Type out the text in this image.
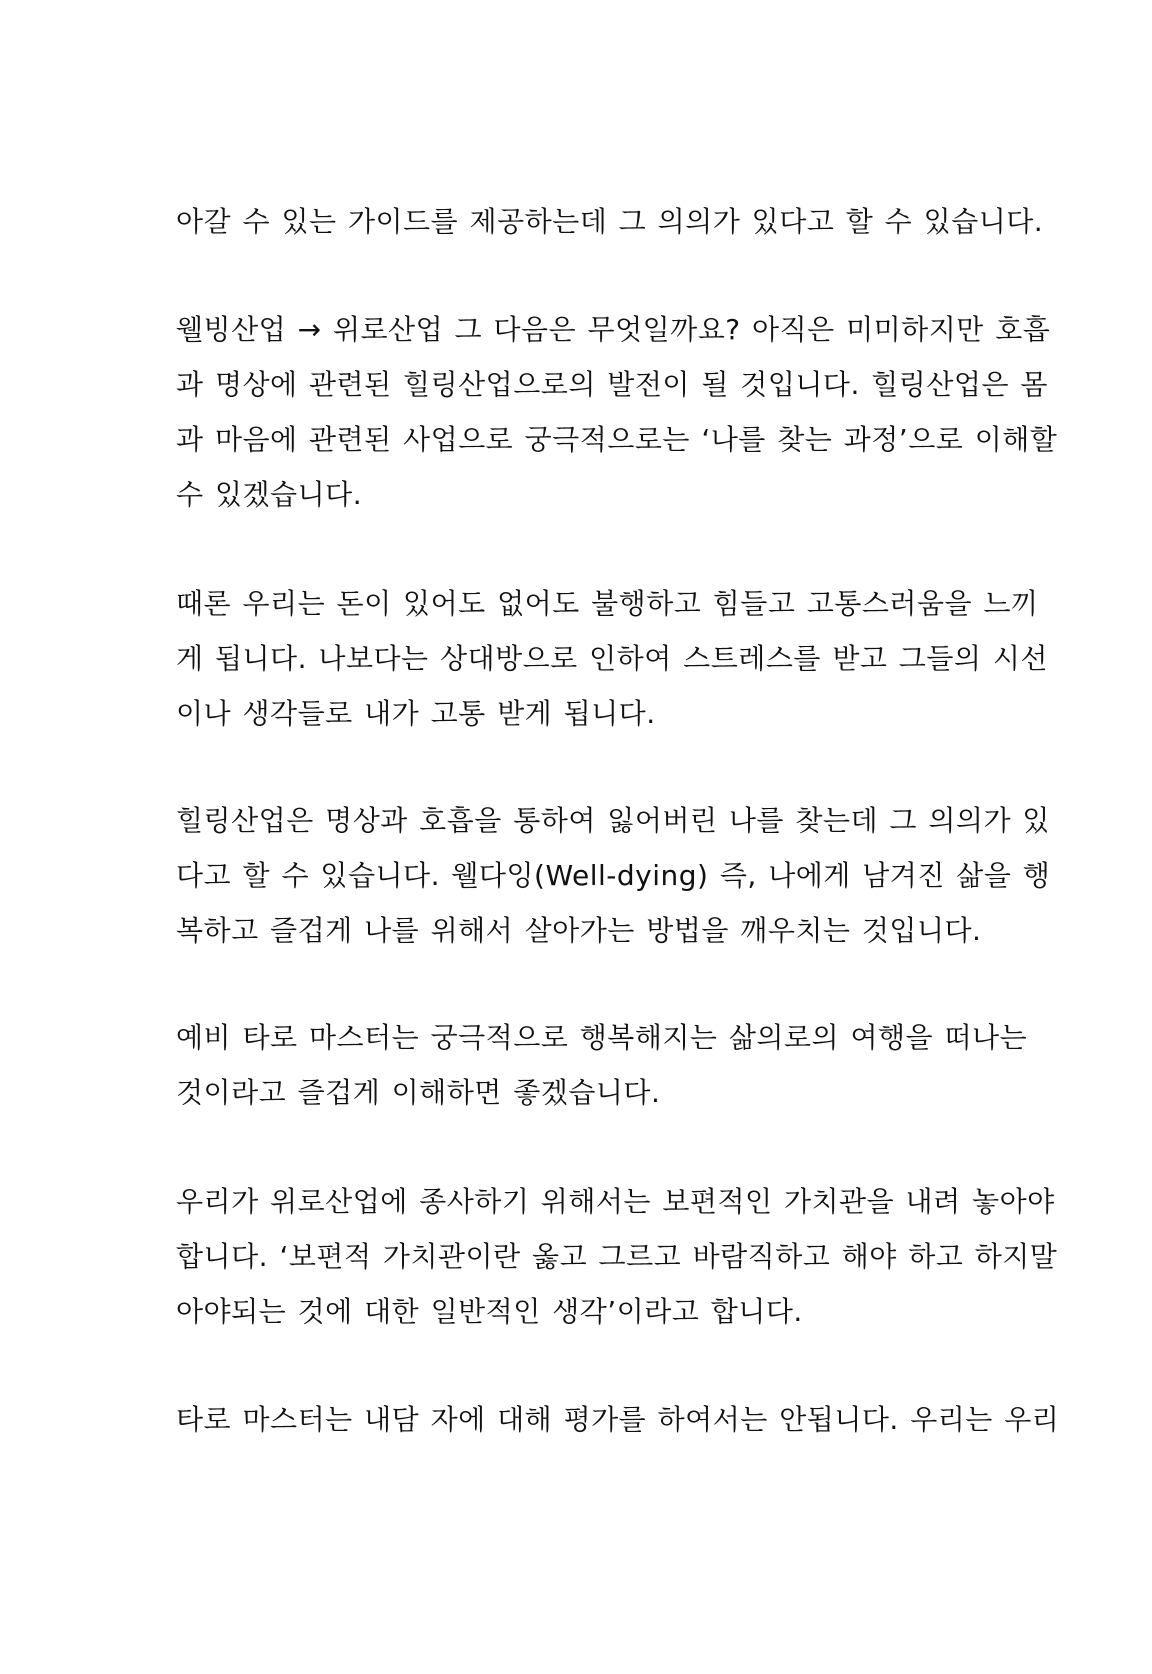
아갈 수 있는 가이드를 제공하는데 그 의의가 있다고 할 수 있습니다.
웰빙산업 → 위로산업 그 다음은 무엇일까요? 아직은 미미하지만 호흡
과 명상에 관련된 힐링산업으로의 발전이 될 것입니다. 힐링산업은 몸
과 마음에 관련된 사업으로 궁극적으로는 ‘나를 찾는 과정’으로 이해할
수 있겠습니다.
때론 우리는 돈이 있어도 없어도 불행하고 힘들고 고통스러움을 느끼
게 됩니다. 나보다는 상대방으로 인하여 스트레스를 받고 그들의 시선
이나 생각들로 내가 고통 받게 됩니다.
힐링산업은 명상과 호흡을 통하여 잃어버린 나를 찾는데 그 의의가 있
다고 할 수 있습니다. 웰다잉(Well-dying) 즉, 나에게 남겨진 삶을 행
복하고 즐겁게 나를 위해서 살아가는 방법을 깨우치는 것입니다.
예비 타로 마스터는 궁극적으로 행복해지는 삶의로의 여행을 떠나는
것이라고 즐겁게 이해하면 좋겠습니다.
우리가 위로산업에 종사하기 위해서는 보편적인 가치관을 내려 놓아야
합니다. ‘보편적 가치관이란 옳고 그르고 바람직하고 해야 하고 하지말
아야되는 것에 대한 일반적인 생각’이라고 합니다.
타로 마스터는 내담 자에 대해 평가를 하여서는 안됩니다. 우리는 우리
